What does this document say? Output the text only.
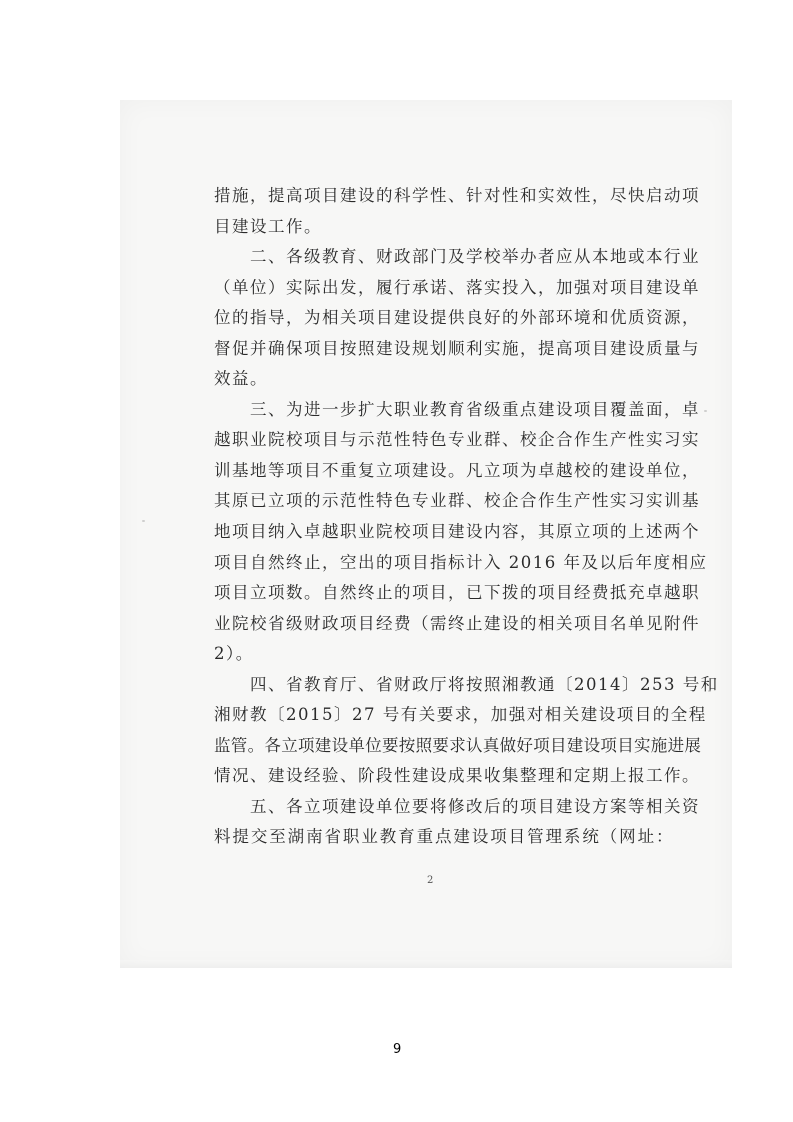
措施，提高项目建设的科学性、针对性和实效性，尽快启动项
目建设工作。
二、各级教育、财政部门及学校举办者应从本地或本行业
（单位）实际出发，履行承诺、落实投入，加强对项目建设单
位的指导，为相关项目建设提供良好的外部环境和优质资源，
督促并确保项目按照建设规划顺利实施，提高项目建设质量与
效益。
三、为进一步扩大职业教育省级重点建设项目覆盖面，卓
越职业院校项目与示范性特色专业群、校企合作生产性实习实
训基地等项目不重复立项建设。凡立项为卓越校的建设单位，
其原已立项的示范性特色专业群、校企合作生产性实习实训基
地项目纳入卓越职业院校项目建设内容，其原立项的上述两个
项目自然终止，空出的项目指标计入 2016 年及以后年度相应
项目立项数。自然终止的项目，已下拨的项目经费抵充卓越职
业院校省级财政项目经费（需终止建设的相关项目名单见附件
2）。
四、省教育厅、省财政厅将按照湘教通〔2014〕253 号和
湘财教〔2015〕27 号有关要求，加强对相关建设项目的全程
监管。各立项建设单位要按照要求认真做好项目建设项目实施进展
情况、建设经验、阶段性建设成果收集整理和定期上报工作。
五、各立项建设单位要将修改后的项目建设方案等相关资
料提交至湖南省职业教育重点建设项目管理系统（网址：
2
9
